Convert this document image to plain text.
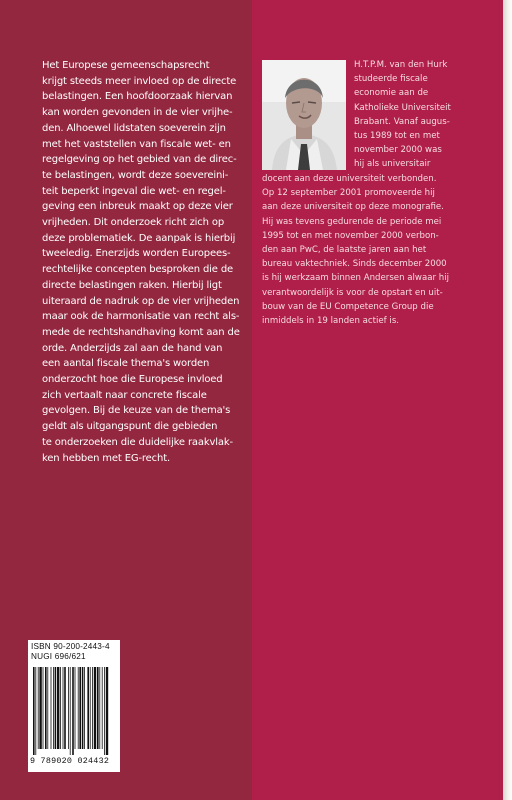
Het Europese gemeenschapsrecht
krijgt steeds meer invloed op de directe
belastingen. Een hoofdoorzaak hiervan
kan worden gevonden in de vier vrijhe-
den. Alhoewel lidstaten soeverein zijn
met het vaststellen van fiscale wet- en
regelgeving op het gebied van de direc-
te belastingen, wordt deze soevereini-
teit beperkt ingeval die wet- en regel-
geving een inbreuk maakt op deze vier
vrijheden. Dit onderzoek richt zich op
deze problematiek. De aanpak is hierbij
tweeledig. Enerzijds worden Europees-
rechtelijke concepten besproken die de
directe belastingen raken. Hierbij ligt
uiteraard de nadruk op de vier vrijheden
maar ook de harmonisatie van recht als-
mede de rechtshandhaving komt aan de
orde. Anderzijds zal aan de hand van
een aantal fiscale thema's worden
onderzocht hoe die Europese invloed
zich vertaalt naar concrete fiscale
gevolgen. Bij de keuze van de thema's
geldt als uitgangspunt die gebieden
te onderzoeken die duidelijke raakvlak-
ken hebben met EG-recht.

ISBN 90-200-2443-4

NUGI 696/621

9 789020 024432

H.T.P.M. van den Hurk
studeerde fiscale
economie aan de
Katholieke Universiteit
Brabant. Vanaf augus-
tus 1989 tot en met
november 2000 was
hij als universitair

docent aan deze universiteit verbonden.
Op 12 september 2001 promoveerde hij
aan deze universiteit op deze monografie.
Hij was tevens gedurende de periode mei
1995 tot en met november 2000 verbon-
den aan PwC, de laatste jaren aan het
bureau vaktechniek. Sinds december 2000
is hij werkzaam binnen Andersen alwaar hij
verantwoordelijk is voor de opstart en uit-
bouw van de EU Competence Group die
inmiddels in 19 landen actief is.
